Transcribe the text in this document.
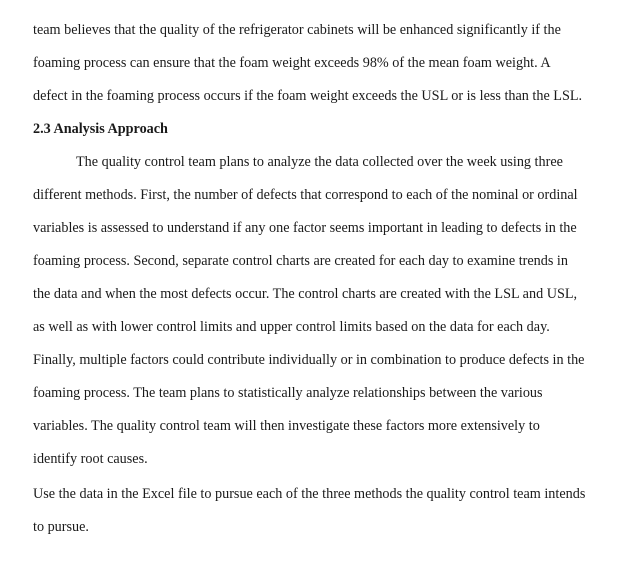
team believes that the quality of the refrigerator cabinets will be enhanced significantly if the
foaming process can ensure that the foam weight exceeds 98% of the mean foam weight. A
defect in the foaming process occurs if the foam weight exceeds the USL or is less than the LSL.
2.3 Analysis Approach
The quality control team plans to analyze the data collected over the week using three
different methods. First, the number of defects that correspond to each of the nominal or ordinal
variables is assessed to understand if any one factor seems important in leading to defects in the
foaming process. Second, separate control charts are created for each day to examine trends in
the data and when the most defects occur. The control charts are created with the LSL and USL,
as well as with lower control limits and upper control limits based on the data for each day.
Finally, multiple factors could contribute individually or in combination to produce defects in the
foaming process. The team plans to statistically analyze relationships between the various
variables. The quality control team will then investigate these factors more extensively to
identify root causes.
Use the data in the Excel file to pursue each of the three methods the quality control team intends
to pursue.
